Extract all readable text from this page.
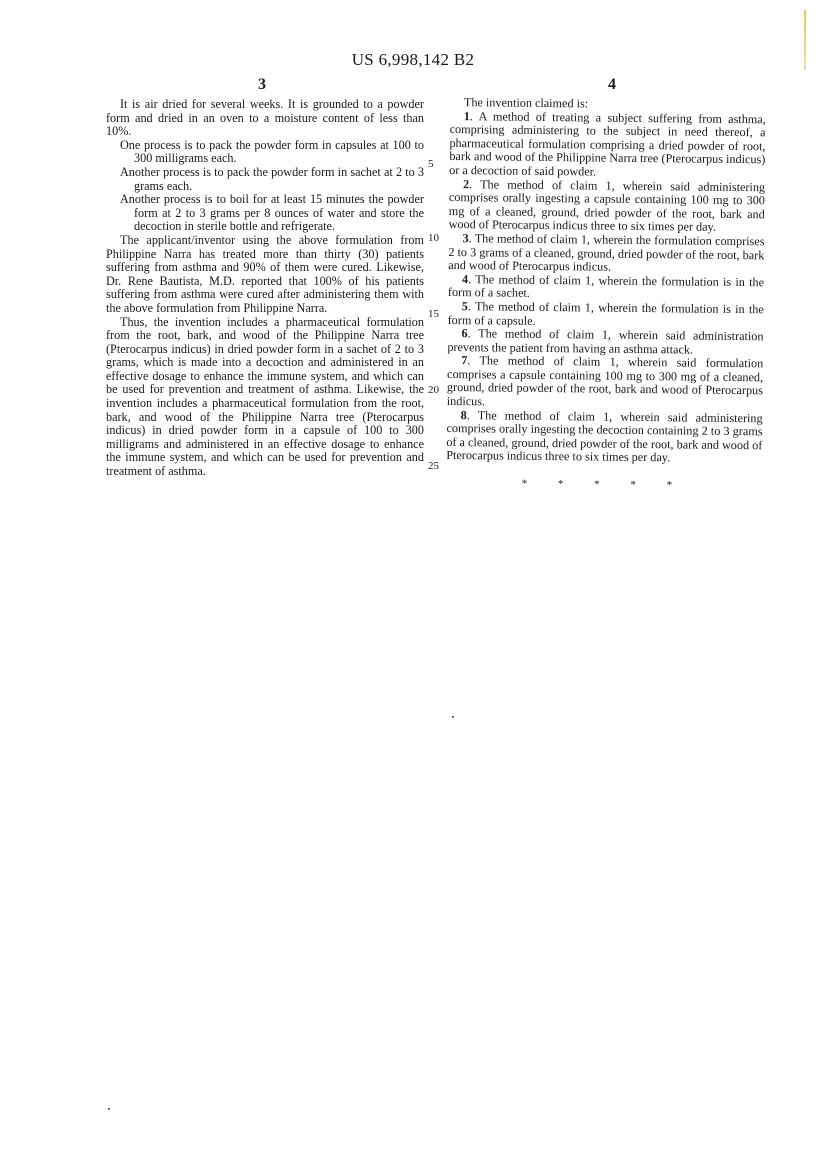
US 6,998,142 B2
3	4

It is air dried for several weeks. It is grounded to a powder form and dried in an oven to a moisture content of less than 10%.

One process is to pack the powder form in capsules at 100 to 300 milligrams each.

Another process is to pack the powder form in sachet at 2 to 3 grams each.

Another process is to boil for at least 15 minutes the powder form at 2 to 3 grams per 8 ounces of water and store the decoction in sterile bottle and refrigerate.

The applicant/inventor using the above formulation from Philippine Narra has treated more than thirty (30) patients suffering from asthma and 90% of them were cured. Likewise, Dr. Rene Bautista, M.D. reported that 100% of his patients suffering from asthma were cured after administering them with the above formulation from Philippine Narra.

Thus, the invention includes a pharmaceutical formulation from the root, bark, and wood of the Philippine Narra tree (Pterocarpus indicus) in dried powder form in a sachet of 2 to 3 grams, which is made into a decoction and administered in an effective dosage to enhance the immune system, and which can be used for prevention and treatment of asthma. Likewise, the invention includes a pharmaceutical formulation from the root, bark, and wood of the Philippine Narra tree (Pterocarpus indicus) in dried powder form in a capsule of 100 to 300 milligrams and administered in an effective dosage to enhance the immune system, and which can be used for prevention and treatment of asthma.

5
10
15
20
25

The invention claimed is:

1. A method of treating a subject suffering from asthma, comprising administering to the subject in need thereof, a pharmaceutical formulation comprising a dried powder of root, bark and wood of the Philippine Narra tree (Pterocarpus indicus) or a decoction of said powder.

2. The method of claim 1, wherein said administering comprises orally ingesting a capsule containing 100 mg to 300 mg of a cleaned, ground, dried powder of the root, bark and wood of Pterocarpus indicus three to six times per day.

3. The method of claim 1, wherein the formulation comprises 2 to 3 grams of a cleaned, ground, dried powder of the root, bark and wood of Pterocarpus indicus.

4. The method of claim 1, wherein the formulation is in the form of a sachet.

5. The method of claim 1, wherein the formulation is in the form of a capsule.

6. The method of claim 1, wherein said administration prevents the patient from having an asthma attack.

7. The method of claim 1, wherein said formulation comprises a capsule containing 100 mg to 300 mg of a cleaned, ground, dried powder of the root, bark and wood of Pterocarpus indicus.

8. The method of claim 1, wherein said administering comprises orally ingesting the decoction containing 2 to 3 grams of a cleaned, ground, dried powder of the root, bark and wood of Pterocarpus indicus three to six times per day.

* * * * *
